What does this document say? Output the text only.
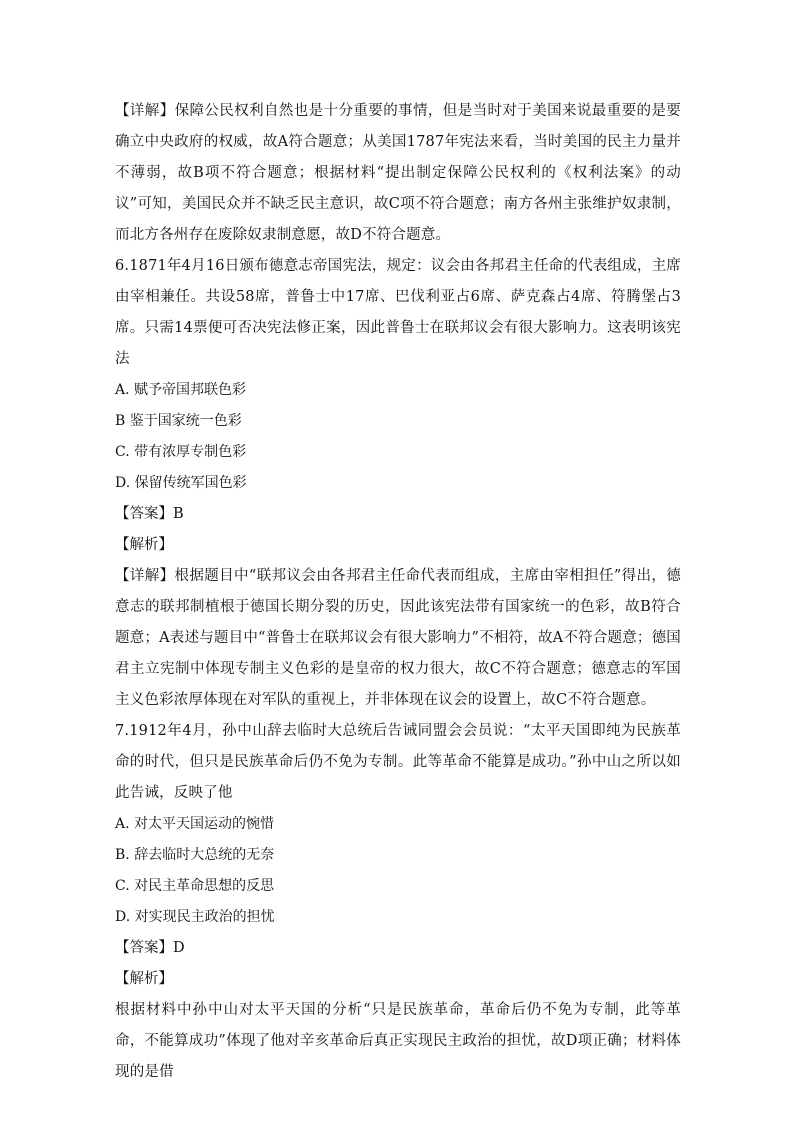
【详解】保障公民权利自然也是十分重要的事情，但是当时对于美国来说最重要的是要确立中央政府的权威，故A符合题意；从美国1787年宪法来看，当时美国的民主力量并不薄弱，故B项不符合题意；根据材料“提出制定保障公民权利的《权利法案》的动议”可知，美国民众并不缺乏民主意识，故C项不符合题意；南方各州主张维护奴隶制，而北方各州存在废除奴隶制意愿，故D不符合题意。

6.1871年4月16日颁布德意志帝国宪法，规定：议会由各邦君主任命的代表组成，主席由宰相兼任。共设58席，普鲁士中17席、巴伐利亚占6席、萨克森占4席、符腾堡占3席。只需14票便可否决宪法修正案，因此普鲁士在联邦议会有很大影响力。这表明该宪法

A. 赋予帝国邦联色彩

B 鉴于国家统一色彩

C. 带有浓厚专制色彩

D. 保留传统军国色彩

【答案】B

【解析】

【详解】根据题目中“联邦议会由各邦君主任命代表而组成，主席由宰相担任”得出，德意志的联邦制植根于德国长期分裂的历史，因此该宪法带有国家统一的色彩，故B符合题意；A表述与题目中“普鲁士在联邦议会有很大影响力”不相符，故A不符合题意；德国君主立宪制中体现专制主义色彩的是皇帝的权力很大，故C不符合题意；德意志的军国主义色彩浓厚体现在对军队的重视上，并非体现在议会的设置上，故C不符合题意。

7.1912年4月，孙中山辞去临时大总统后告诫同盟会会员说：“太平天国即纯为民族革命的时代，但只是民族革命后仍不免为专制。此等革命不能算是成功。”孙中山之所以如此告诫，反映了他

A. 对太平天国运动的惋惜

B. 辞去临时大总统的无奈

C. 对民主革命思想的反思

D. 对实现民主政治的担忧

【答案】D

【解析】

根据材料中孙中山对太平天国的分析“只是民族革命，革命后仍不免为专制，此等革命，不能算成功”体现了他对辛亥革命后真正实现民主政治的担忧，故D项正确；材料体现的是借
